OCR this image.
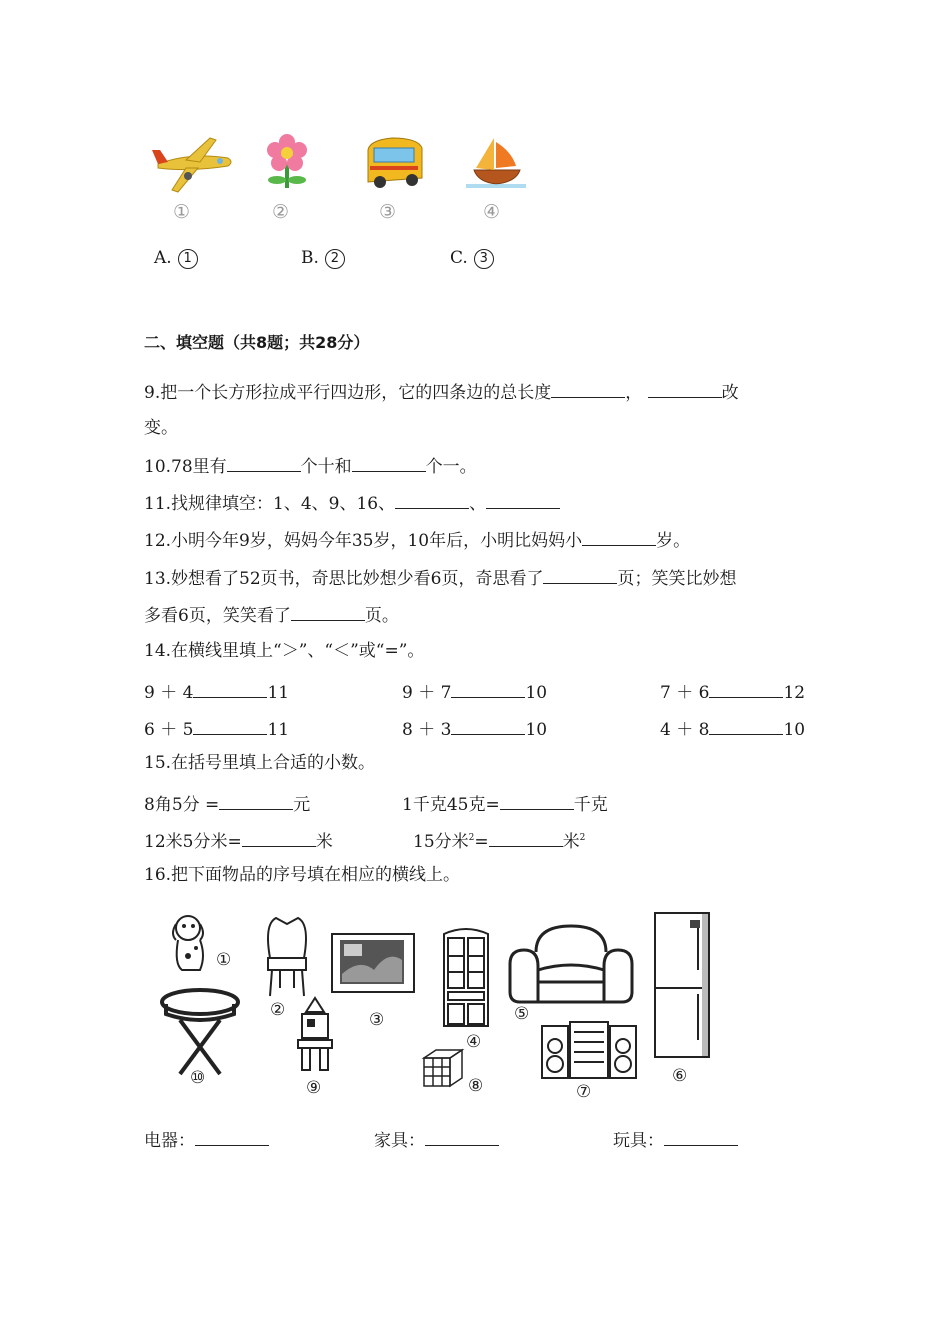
①	②	③	④
A. 1	B. 2	C. 3
二、填空题（共8题；共28分）
9.把一个长方形拉成平行四边形，它的四条边的总长度	，	改
变。
10.78里有	个十和	个一。
11.找规律填空：1、4、9、16、	、
12.小明今年9岁，妈妈今年35岁，10年后，小明比妈妈小	岁。
13.妙想看了52页书，奇思比妙想少看6页，奇思看了	页；笑笑比妙想
多看6页，笑笑看了	页。
14.在横线里填上“＞”、“＜”或“=”。
9 ＋ 4	11	9 ＋ 7	10	7 ＋ 6	12
6 ＋ 5	11	8 ＋ 3	10	4 ＋ 8	10
15.在括号里填上合适的小数。
8角5分 =	元	1千克45克=	千克
12米5分米=	米	15分米$^2$=	米$^2$
16.把下面物品的序号填在相应的横线上。
①
②	③
④
⑤
⑥
⑦
⑧
⑨
⑩
电器：	家具：	玩具：
